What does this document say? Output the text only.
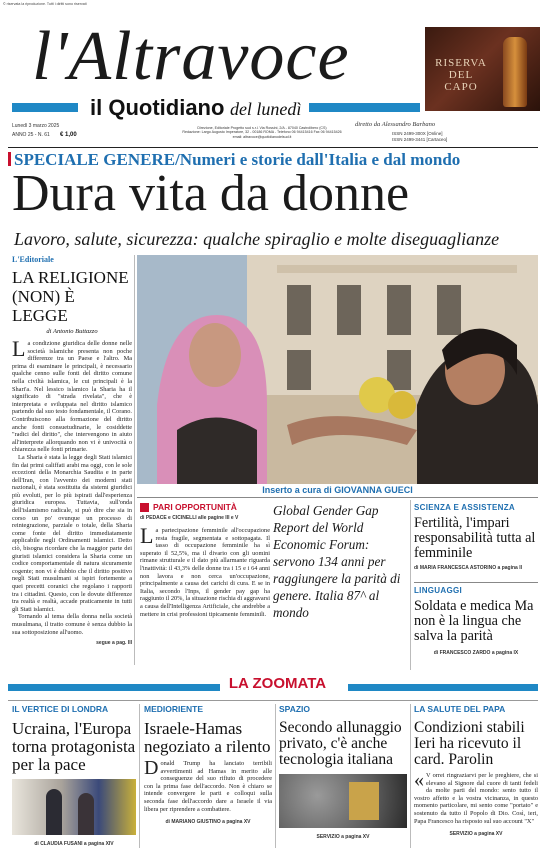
© riservata la riproduzione. Tutti i diritti sono riservati
l'Altravoce
il Quotidiano del lunedì
RISERVA
DEL CAPO
Lunedì 3 marzo 2025
ANNO 25 - N. 61 € 1,00
Direzione, Editoriale Progetto sud s.r.l. Via Rossini, 2/A - 87040 Castrolibero (CS)
Redazione: Largo Augusto Imperatore, 32 - 00186 ROMA - Telefono 06 94415416 Fax 06 94415426
email: altravoce@quotidianodelsud.it
diretto da Alessandro Barbano
ISSN 2499-300X [Online]
ISSN 2499-3441 [Cartaceo]
SPECIALE GENERE/Numeri e storie dall'Italia e dal mondo
Dura vita da donne
Lavoro, salute, sicurezza: qualche spiraglio e molte diseguaglianze
L'Editoriale
LA RELIGIONE (NON) È LEGGE
di Antonio Buttazzo
La condizione giuridica delle donne nelle società islamiche presenta non poche differenze tra un Paese e l'altro. Ma prima di esaminare le principali, è necessario qualche cenno sulle fonti del diritto comune nella civiltà islamica, le cui principali è la Shari'a. Nel lessico islamico la Sharia ha il significato di "strada rivelata", che è interpretata e sviluppata nel diritto islamico partendo dal suo testo fondamentale, il Corano. Contribuiscono alla formazione del diritto anche fonti consuetudinarie, le cosiddette "radici del diritto", che intervengono in aiuto all'interprete allorquando non vi è univocità o chiarezza nelle fonti primarie.
La Sharia è stata la legge degli Stati islamici fin dai primi califfati arabi ma oggi, con le sole eccezioni della Monarchia Saudita e in parte dell'Iran, con l'avvento dei moderni stati nazionali, è stata sostituita da sistemi giuridici più evoluti, per lo più ispirati dall'esperienza giuridica europea. Tuttavia, sull'onda dell'islamismo radicale, si può dire che sia in corso un po' ovunque un processo di reintegrazione, parziale o totale, della Sharia come fonte del diritto immediatamente applicabile negli Ordinamenti islamici. Detto ciò, bisogna ricordare che la maggior parte dei giuristi islamici considera la Sharia come un codice comportamentale di natura sicuramente cogente; non vi è dubbio che il diritto positivo negli Stati musulmani si ispiri fortemente a quei precetti coranici che regolano i rapporti tra i cittadini. Questo, con le dovute differenze tra realtà e realtà, accade praticamente in tutti gli Stati islamici.
Tornando al tema della donna nella società musulmana, il tratto comune è senza dubbio la sua sottoposizione all'uomo.
segue a pag. III
Inserto a cura di GIOVANNA GUECI
PARI OPPORTUNITÀ
di PEDACE e CICINELLI alle pagine III e V
La partecipazione femminile all'occupazione resta fragile, segmentata e sottopagata. Il tasso di occupazione femminile ha sì superato il 52,5%, ma il divario con gli uomini rimane strutturale e il dato più allarmante riguarda l'inattività: il 43,3% delle donne tra i 15 e i 64 anni non lavora e non cerca un'occupazione, principalmente a causa dei carichi di cura. E se in Italia, secondo l'Inps, il gender pay gap ha raggiunto il 20%, la situazione rischia di aggravarsi a causa dell'Intelligenza Artificiale, che andrebbe a mettere in crisi professioni tipicamente femminili.
Global Gender Gap Report del World Economic Forum: servono 134 anni per raggiungere la parità di genere. Italia 87^ al mondo
SCIENZA E ASSISTENZA
Fertilità, l'impari responsabilità tutta al femminile
di MARIA FRANCESCA ASTORINO a pagina II
LINGUAGGI
Soldata e medica Ma non è la lingua che salva la parità
di FRANCESCO ZARDO a pagina IX
LA ZOOMATA
IL VERTICE DI LONDRA
Ucraina, l'Europa torna protagonista per la pace
di CLAUDIA FUSANI a pagina XIV
MEDIORIENTE
Israele-Hamas negoziato a rilento
Donald Trump ha lanciato terribili avvertimenti ad Hamas in merito alle conseguenze del suo rifiuto di procedere con la prima fase dell'accordo. Non è chiaro se intende convergere le parti e colloqui sulla seconda fase dell'accordo dare a Israele il via libera per riprendere a combattere.
di MARIANO GIUSTINO a pagina XV
SPAZIO
Secondo allunaggio privato, c'è anche tecnologia italiana
SERVIZIO a pagina XV
LA SALUTE DEL PAPA
Condizioni stabili Ieri ha ricevuto il card. Parolin
« V orrei ringraziarvi per le preghiere, che si elevano al Signore dal cuore di tanti fedeli da molte parti del mondo: sento tutto il vostro affetto e la vostra vicinanza, in questo momento particolare, mi sento come "portato" e sostenuto da tutto il Popolo di Dio. Così, ieri, Papa Francesco ha risposto sul suo account "X"
SERVIZIO a pagina XV
